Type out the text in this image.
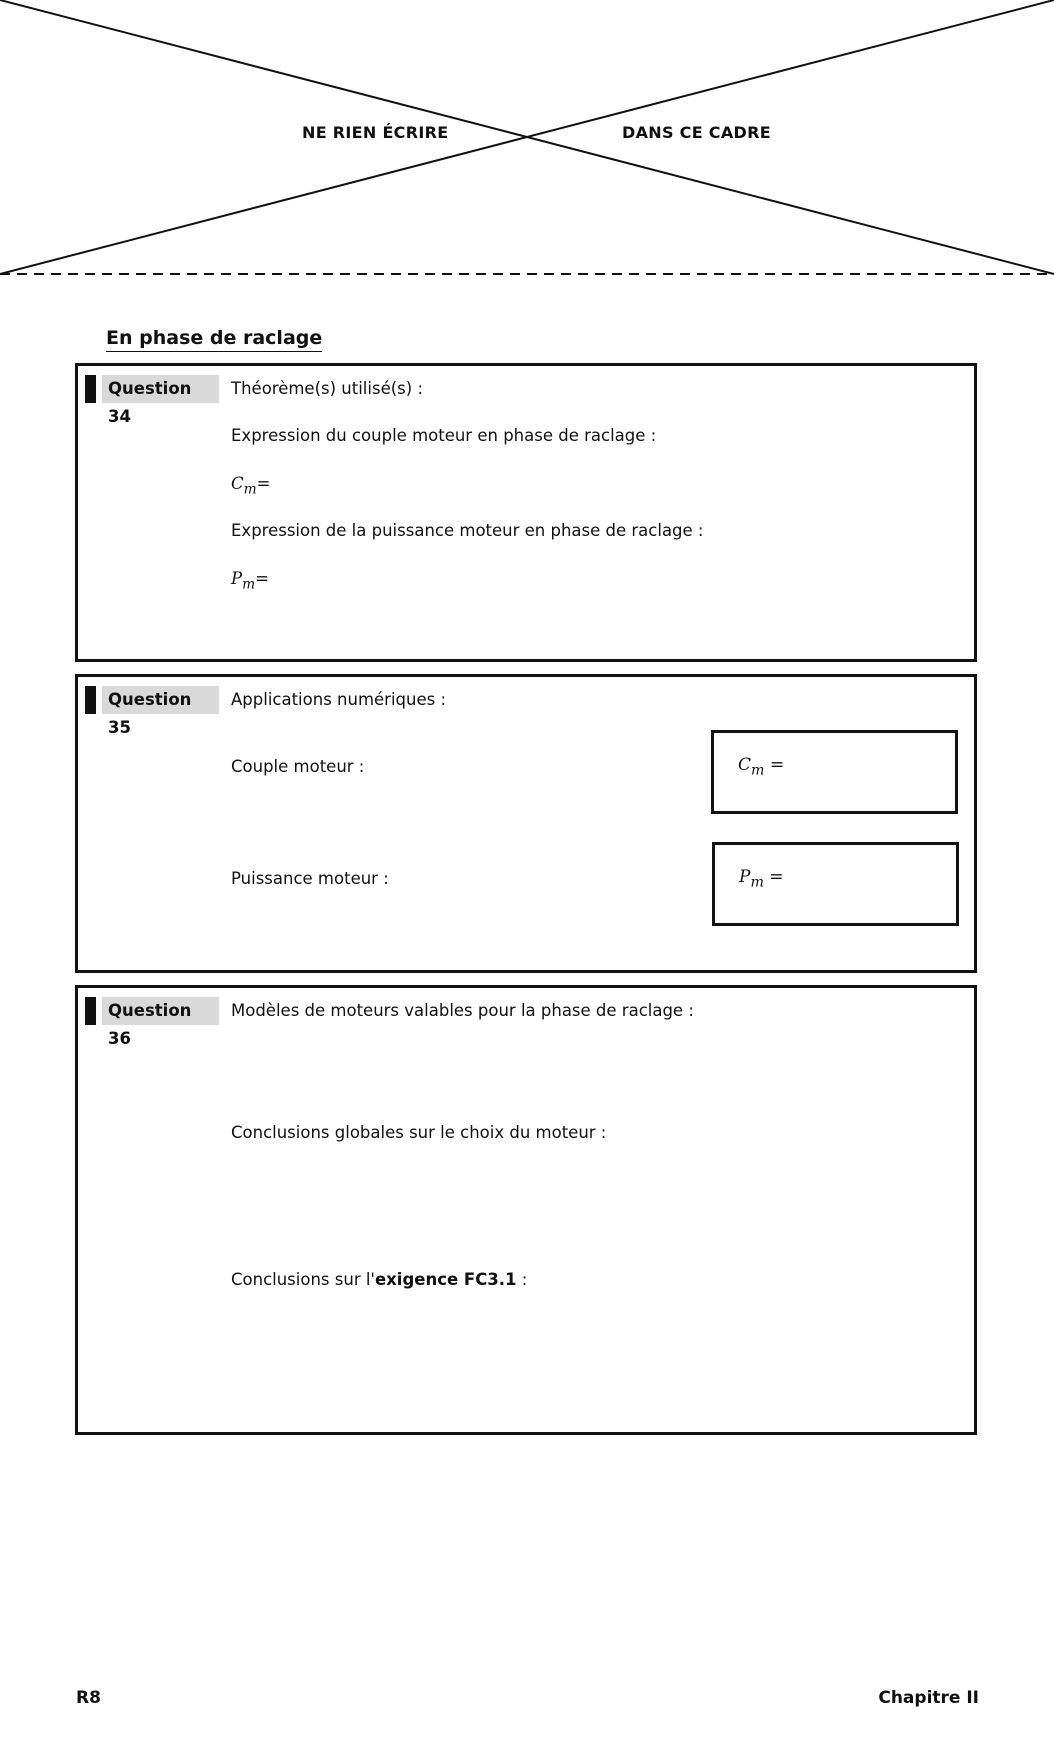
NE RIEN ÉCRIRE	DANS CE CADRE
En phase de raclage
Question 34
Théorème(s) utilisé(s) :
Expression du couple moteur en phase de raclage :
$C_m=$
Expression de la puissance moteur en phase de raclage :
$P_m=$
Question 35
Applications numériques :
Couple moteur :
Puissance moteur :
$C_m$ =
$P_m$ =
Question 36
Modèles de moteurs valables pour la phase de raclage :
Conclusions globales sur le choix du moteur :
Conclusions sur l'exigence FC3.1 :
R8	Chapitre II
